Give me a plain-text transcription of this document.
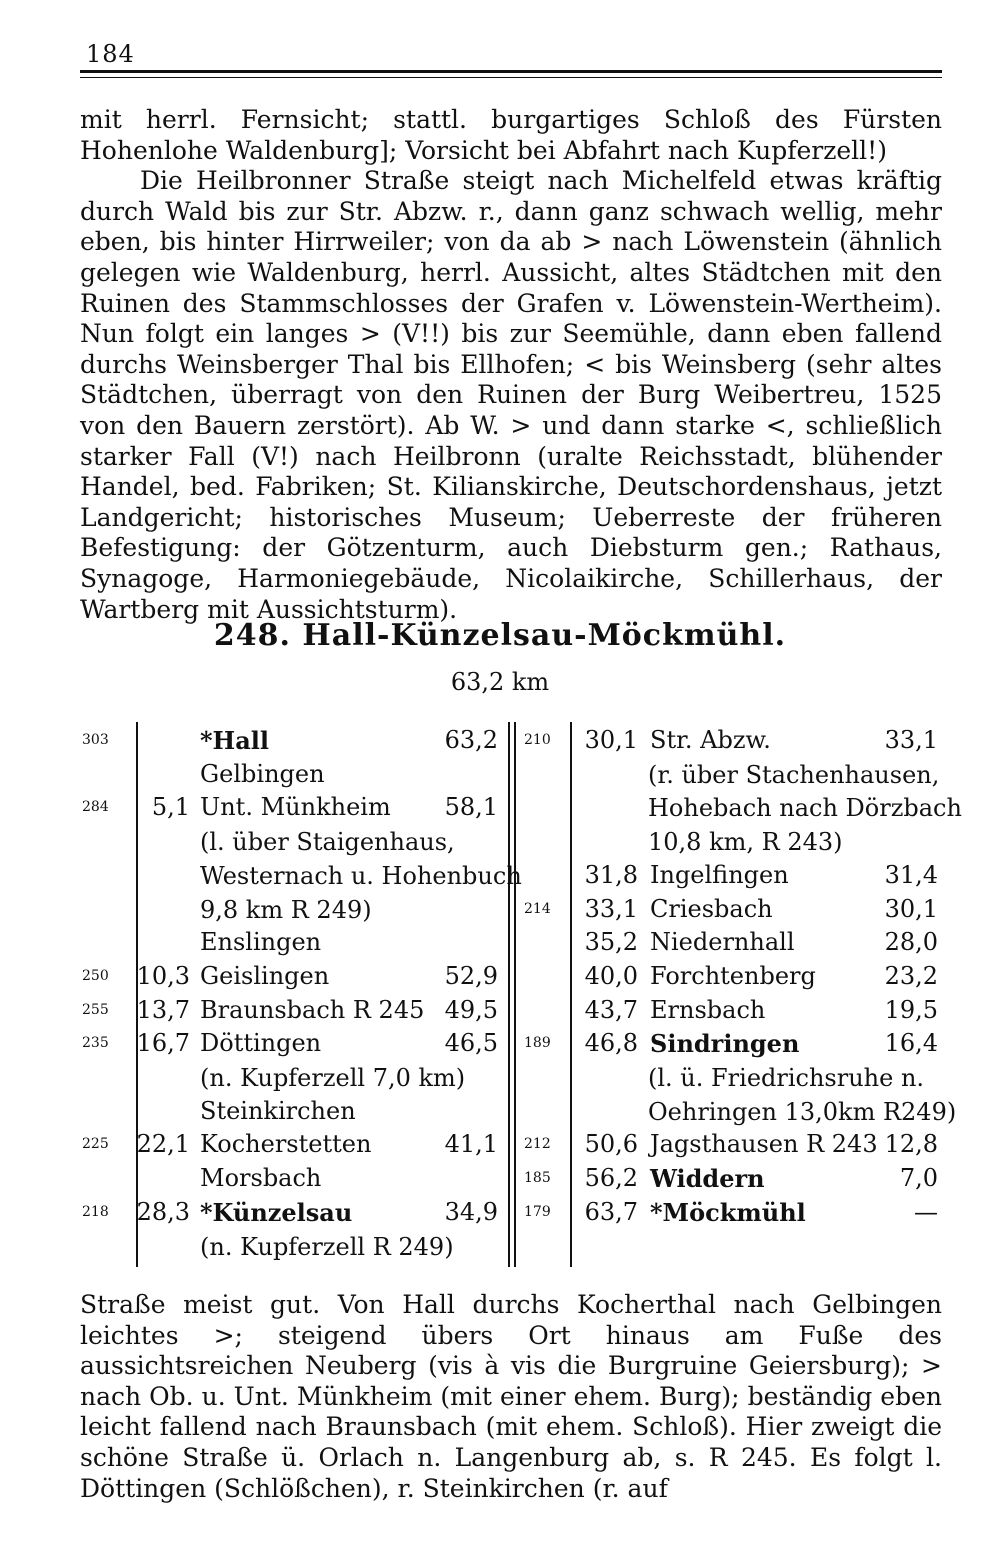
184
mit herrl. Fernsicht; stattl. burgartiges Schloß des Fürsten Hohenlohe Waldenburg]; Vorsicht bei Abfahrt nach Kupferzell!)
Die Heilbronner Straße steigt nach Michelfeld etwas kräftig durch Wald bis zur Str. Abzw. r., dann ganz schwach wellig, mehr eben, bis hinter Hirrweiler; von da ab > nach Löwenstein (ähnlich gelegen wie Waldenburg, herrl. Aussicht, altes Städtchen mit den Ruinen des Stammschlosses der Grafen v. Löwenstein-Wertheim). Nun folgt ein langes > (V!!) bis zur Seemühle, dann eben fallend durchs Weinsberger Thal bis Ellhofen; < bis Weinsberg (sehr altes Städtchen, überragt von den Ruinen der Burg Weibertreu, 1525 von den Bauern zerstört). Ab W. > und dann starke <, schließlich starker Fall (V!) nach Heilbronn (uralte Reichsstadt, blühender Handel, bed. Fabriken; St. Kilianskirche, Deutschordenshaus, jetzt Landgericht; historisches Museum; Ueberreste der früheren Befestigung: der Götzenturm, auch Diebsturm gen.; Rathaus, Synagoge, Harmoniegebäude, Nicolaikirche, Schillerhaus, der Wartberg mit Aussichtsturm).
248. Hall-Künzelsau-Möckmühl.
63,2 km
303	*Hall	63,2
Gelbingen
284	5,1 Unt. Münkheim	58,1
(l. über Staigenhaus,
Westernach u. Hohenbuch
9,8 km R 249)
Enslingen
250 10,3 Geislingen	52,9
255 13,7 Braunsbach R 245 49,5
235 16,7 Döttingen	46,5
(n. Kupferzell 7,0 km)
Steinkirchen
225 22,1 Kocherstetten	41,1
Morsbach
218 28,3 *Künzelsau	34,9
(n. Kupferzell R 249)
210 30,1 Str. Abzw.	33,1
(r. über Stachenhausen,
Hohebach nach Dörzbach
10,8 km, R 243)
31,8 Ingelfingen	31,4
214 33,1 Criesbach	30,1
35,2 Niedernhall	28,0
40,0 Forchtenberg	23,2
43,7 Ernsbach	19,5
189 46,8 Sindringen	16,4
(l. ü. Friedrichsruhe n.
Oehringen 13,0km R249)
212 50,6 Jagsthausen R 243 12,8
185 56,2 Widdern	7,0
179 63,7 *Möckmühl	—
Straße meist gut. Von Hall durchs Kocherthal nach Gelbingen leichtes >; steigend übers Ort hinaus am Fuße des aussichtsreichen Neuberg (vis à vis die Burgruine Geiersburg); > nach Ob. u. Unt. Münkheim (mit einer ehem. Burg); beständig eben leicht fallend nach Braunsbach (mit ehem. Schloß). Hier zweigt die schöne Straße ü. Orlach n. Langenburg ab, s. R 245. Es folgt l. Döttingen (Schlößchen), r. Steinkirchen (r. auf
